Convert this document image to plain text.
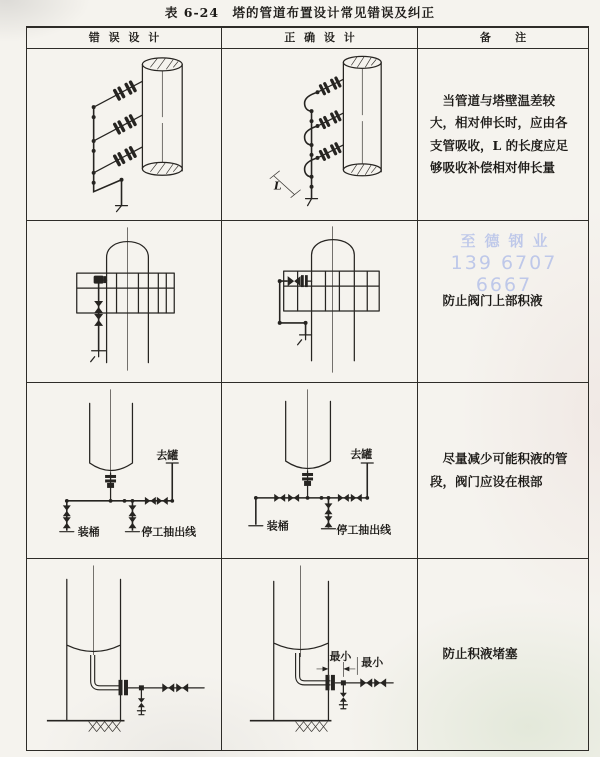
表 6-24　塔的管道布置设计常见错误及纠正
错误设计	正确设计	备注
L

当管道与塔壁温差较大，相对伸长时，应由各支管吸收，L 的长度应足够吸收补偿相对伸长量

防止阀门上部积液

装桶	停工抽出线
去罐
装桶	停工抽出线
去罐	尽量减少可能积液的管段，阀门应设在根部

最小 最小

防止积液堵塞

至德钢业
139 6707 6667
